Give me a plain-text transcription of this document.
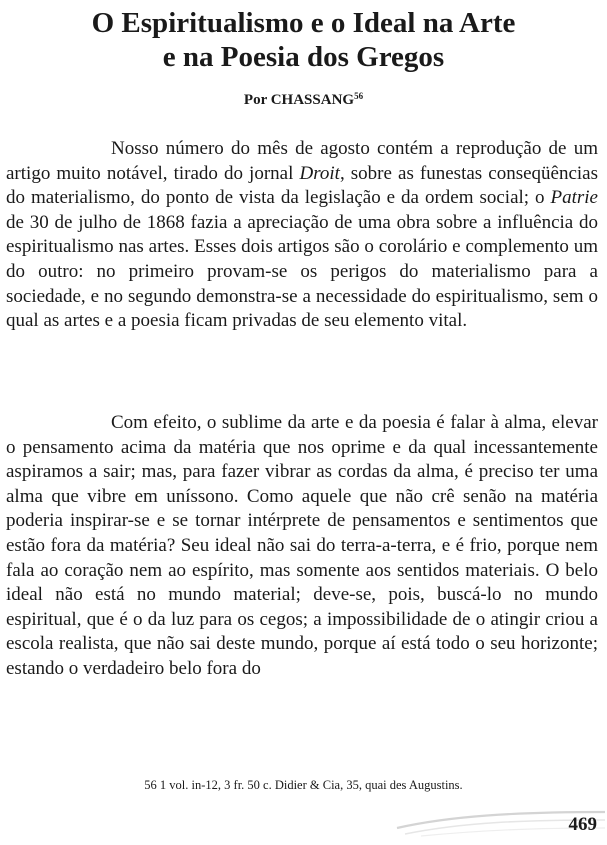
O Espiritualismo e o Ideal na Arte
e na Poesia dos Gregos
Por CHASSANG$^{56}$

Nosso número do mês de agosto contém a reprodução de um artigo muito notável, tirado do jornal Droit, sobre as funestas conseqüências do materialismo, do ponto de vista da legislação e da ordem social; o Patrie de 30 de julho de 1868 fazia a apreciação de uma obra sobre a influência do espiritualismo nas artes. Esses dois artigos são o corolário e complemento um do outro: no primeiro provam-se os perigos do materialismo para a sociedade, e no segundo demonstra-se a necessidade do espiritualismo, sem o qual as artes e a poesia ficam privadas de seu elemento vital.

Com efeito, o sublime da arte e da poesia é falar à alma, elevar o pensamento acima da matéria que nos oprime e da qual incessantemente aspiramos a sair; mas, para fazer vibrar as cordas da alma, é preciso ter uma alma que vibre em uníssono. Como aquele que não crê senão na matéria poderia inspirar-se e se tornar intérprete de pensamentos e sentimentos que estão fora da matéria? Seu ideal não sai do terra-a-terra, e é frio, porque nem fala ao coração nem ao espírito, mas somente aos sentidos materiais. O belo ideal não está no mundo material; deve-se, pois, buscá-lo no mundo espiritual, que é o da luz para os cegos; a impossibilidade de o atingir criou a escola realista, que não sai deste mundo, porque aí está todo o seu horizonte; estando o verdadeiro belo fora do

56 1 vol. in-12, 3 fr. 50 c. Didier & Cia, 35, quai des Augustins.
469
